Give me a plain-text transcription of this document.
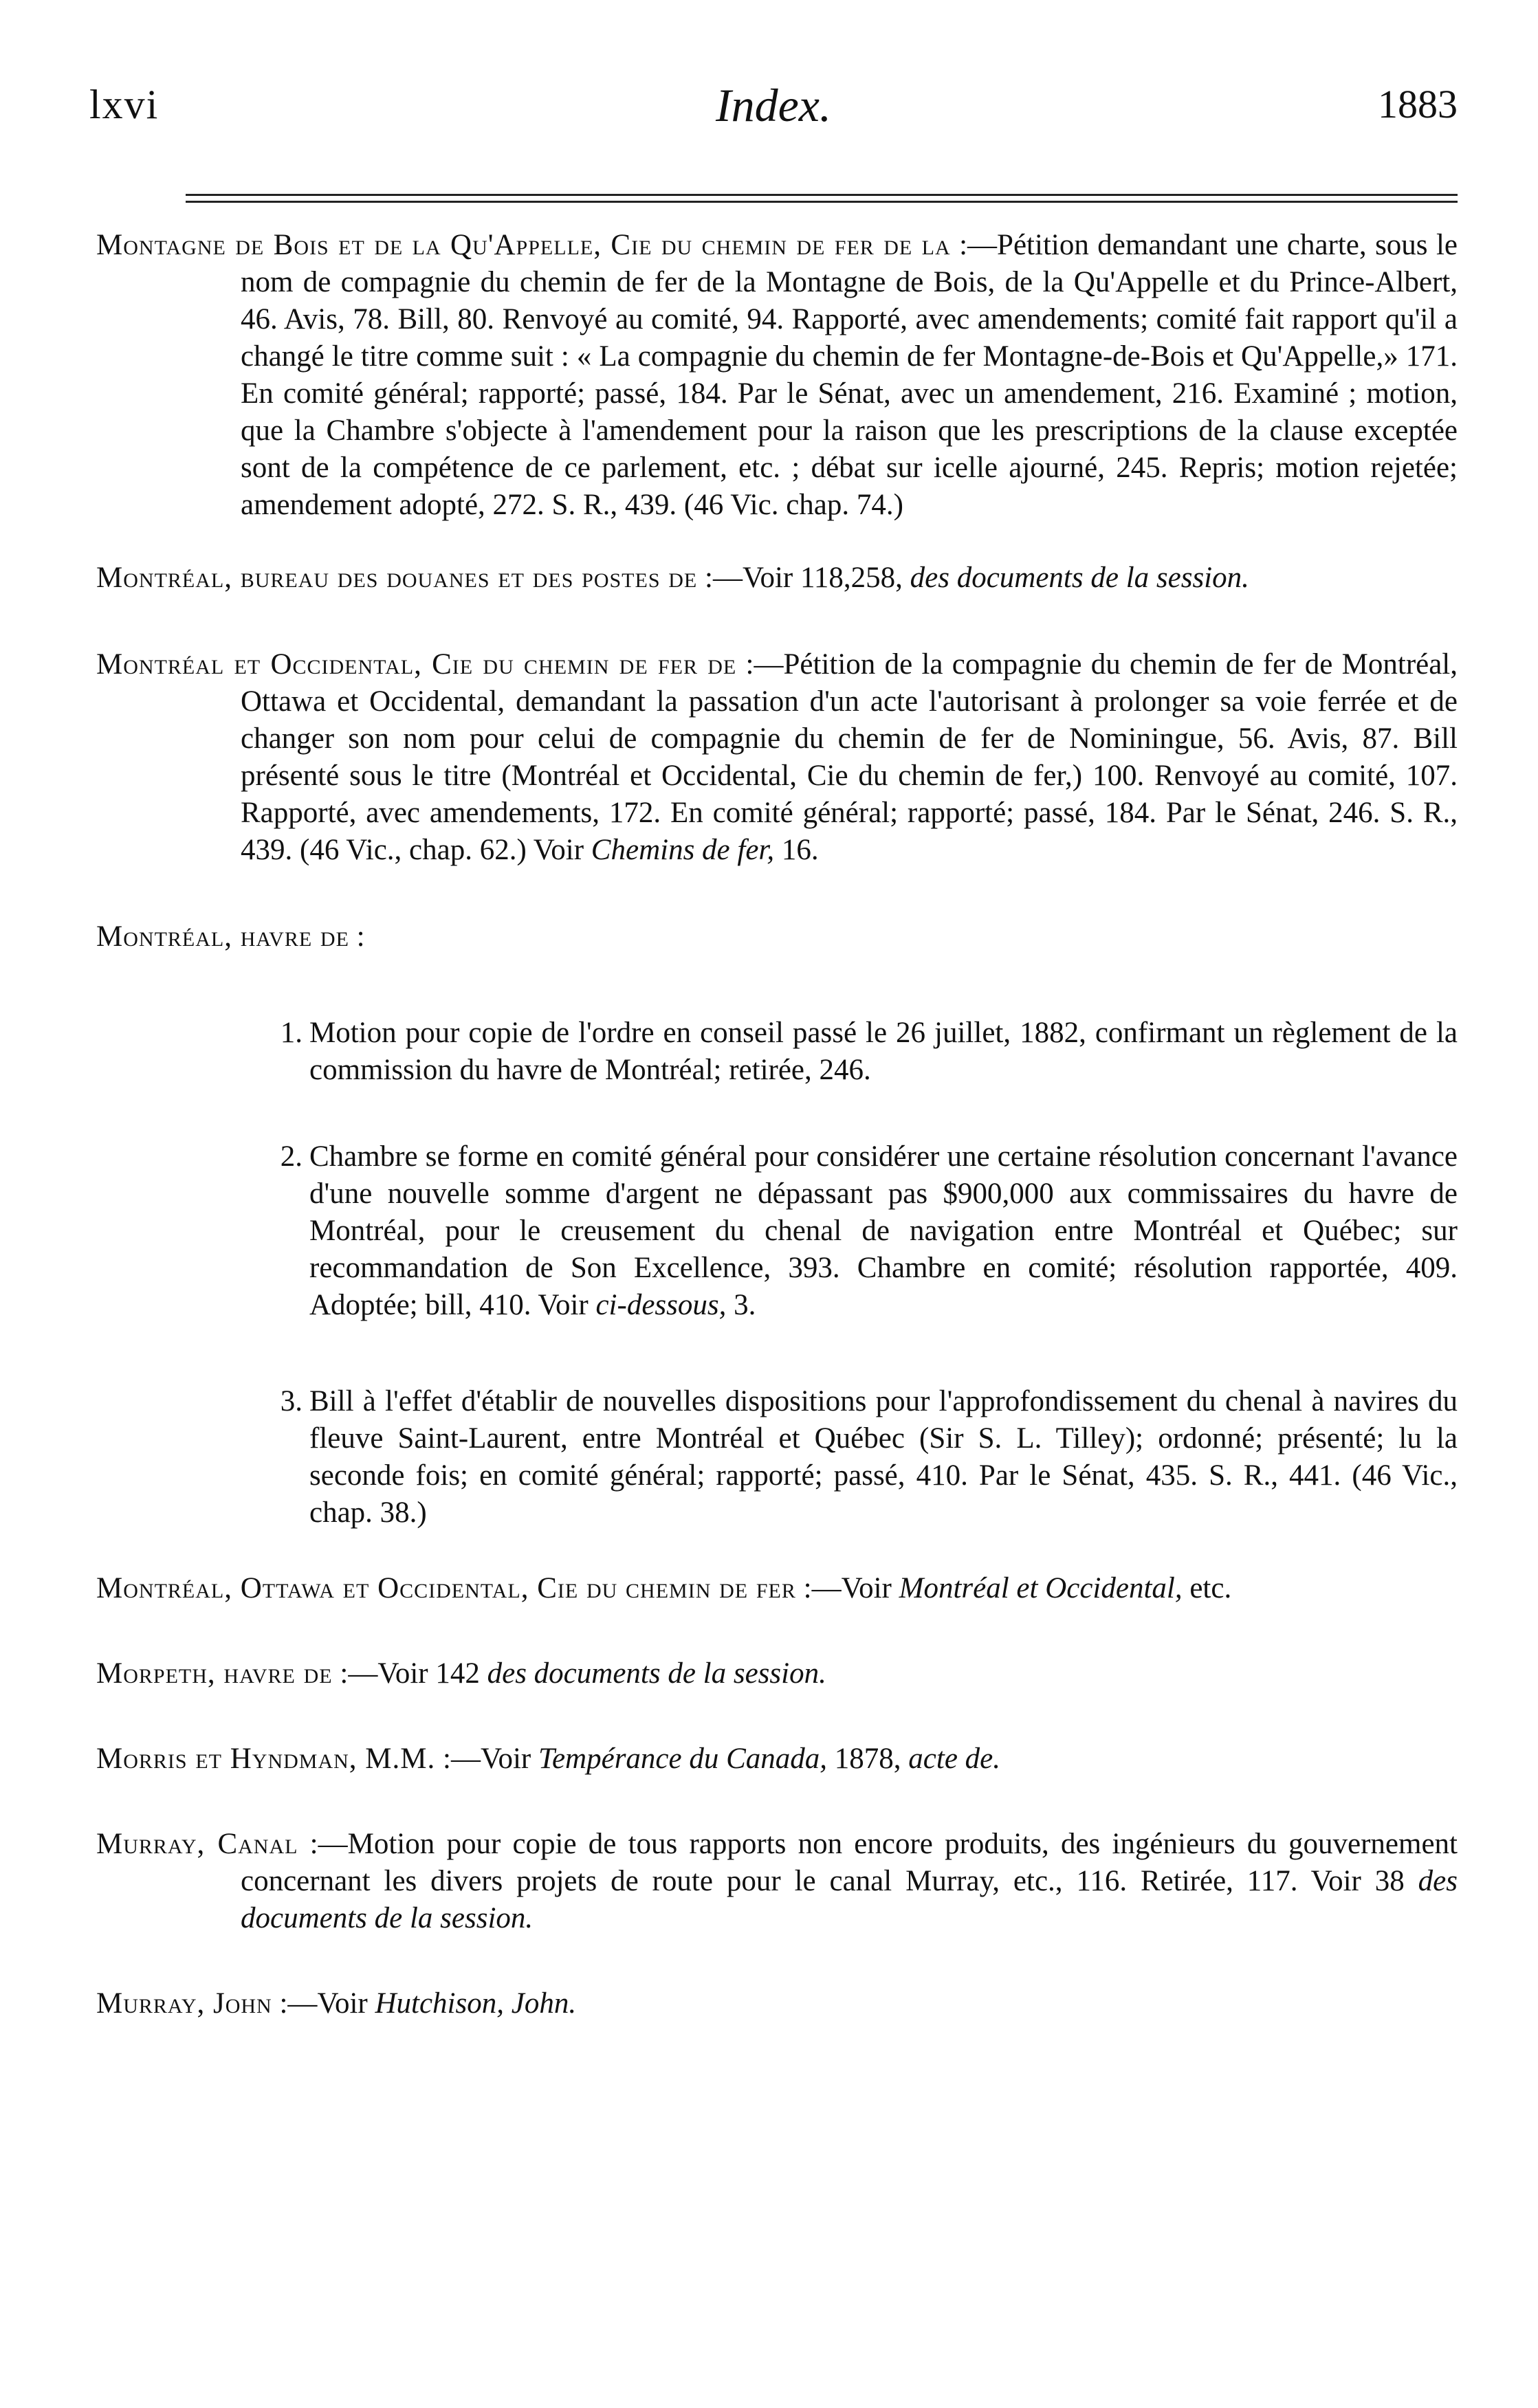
lxvi	Index.	1883

Montagne de Bois et de la Qu'Appelle, Cie du chemin de fer de la :—Pétition demandant une charte, sous le nom de compagnie du chemin de fer de la Montagne de Bois, de la Qu'Appelle et du Prince-Albert, 46. Avis, 78. Bill, 80. Renvoyé au comité, 94. Rapporté, avec amendements; comité fait rapport qu'il a changé le titre comme suit : « La compagnie du chemin de fer Montagne-de-Bois et Qu'Appelle,» 171. En comité général; rapporté; passé, 184. Par le Sénat, avec un amendement, 216. Examiné ; motion, que la Chambre s'objecte à l'amendement pour la raison que les prescriptions de la clause exceptée sont de la compétence de ce parlement, etc. ; débat sur icelle ajourné, 245. Repris; motion rejetée; amendement adopté, 272. S. R., 439. (46 Vic. chap. 74.)

Montréal, bureau des douanes et des postes de :—Voir 118,258, des documents de la session.

Montréal et Occidental, Cie du chemin de fer de :—Pétition de la compagnie du chemin de fer de Montréal, Ottawa et Occidental, demandant la passation d'un acte l'autorisant à prolonger sa voie ferrée et de changer son nom pour celui de compagnie du chemin de fer de Nominingue, 56. Avis, 87. Bill présenté sous le titre (Montréal et Occidental, Cie du chemin de fer,) 100. Renvoyé au comité, 107. Rapporté, avec amendements, 172. En comité général; rapporté; passé, 184. Par le Sénat, 246. S. R., 439. (46 Vic., chap. 62.) Voir Chemins de fer, 16.

Montréal, havre de :

1. Motion pour copie de l'ordre en conseil passé le 26 juillet, 1882, confirmant un règlement de la commission du havre de Montréal; retirée, 246.

2. Chambre se forme en comité général pour considérer une certaine résolution concernant l'avance d'une nouvelle somme d'argent ne dépassant pas $900,000 aux commissaires du havre de Montréal, pour le creusement du chenal de navigation entre Montréal et Québec; sur recommandation de Son Excellence, 393. Chambre en comité; résolution rapportée, 409. Adoptée; bill, 410. Voir ci-dessous, 3.

3. Bill à l'effet d'établir de nouvelles dispositions pour l'approfondissement du chenal à navires du fleuve Saint-Laurent, entre Montréal et Québec (Sir S. L. Tilley); ordonné; présenté; lu la seconde fois; en comité général; rapporté; passé, 410. Par le Sénat, 435. S. R., 441. (46 Vic., chap. 38.)

Montréal, Ottawa et Occidental, Cie du chemin de fer :—Voir Montréal et Occidental, etc.

Morpeth, havre de :—Voir 142 des documents de la session.

Morris et Hyndman, M.M. :—Voir Tempérance du Canada, 1878, acte de.

Murray, Canal :—Motion pour copie de tous rapports non encore produits, des ingénieurs du gouvernement concernant les divers projets de route pour le canal Murray, etc., 116. Retirée, 117. Voir 38 des documents de la session.

Murray, John :—Voir Hutchison, John.
